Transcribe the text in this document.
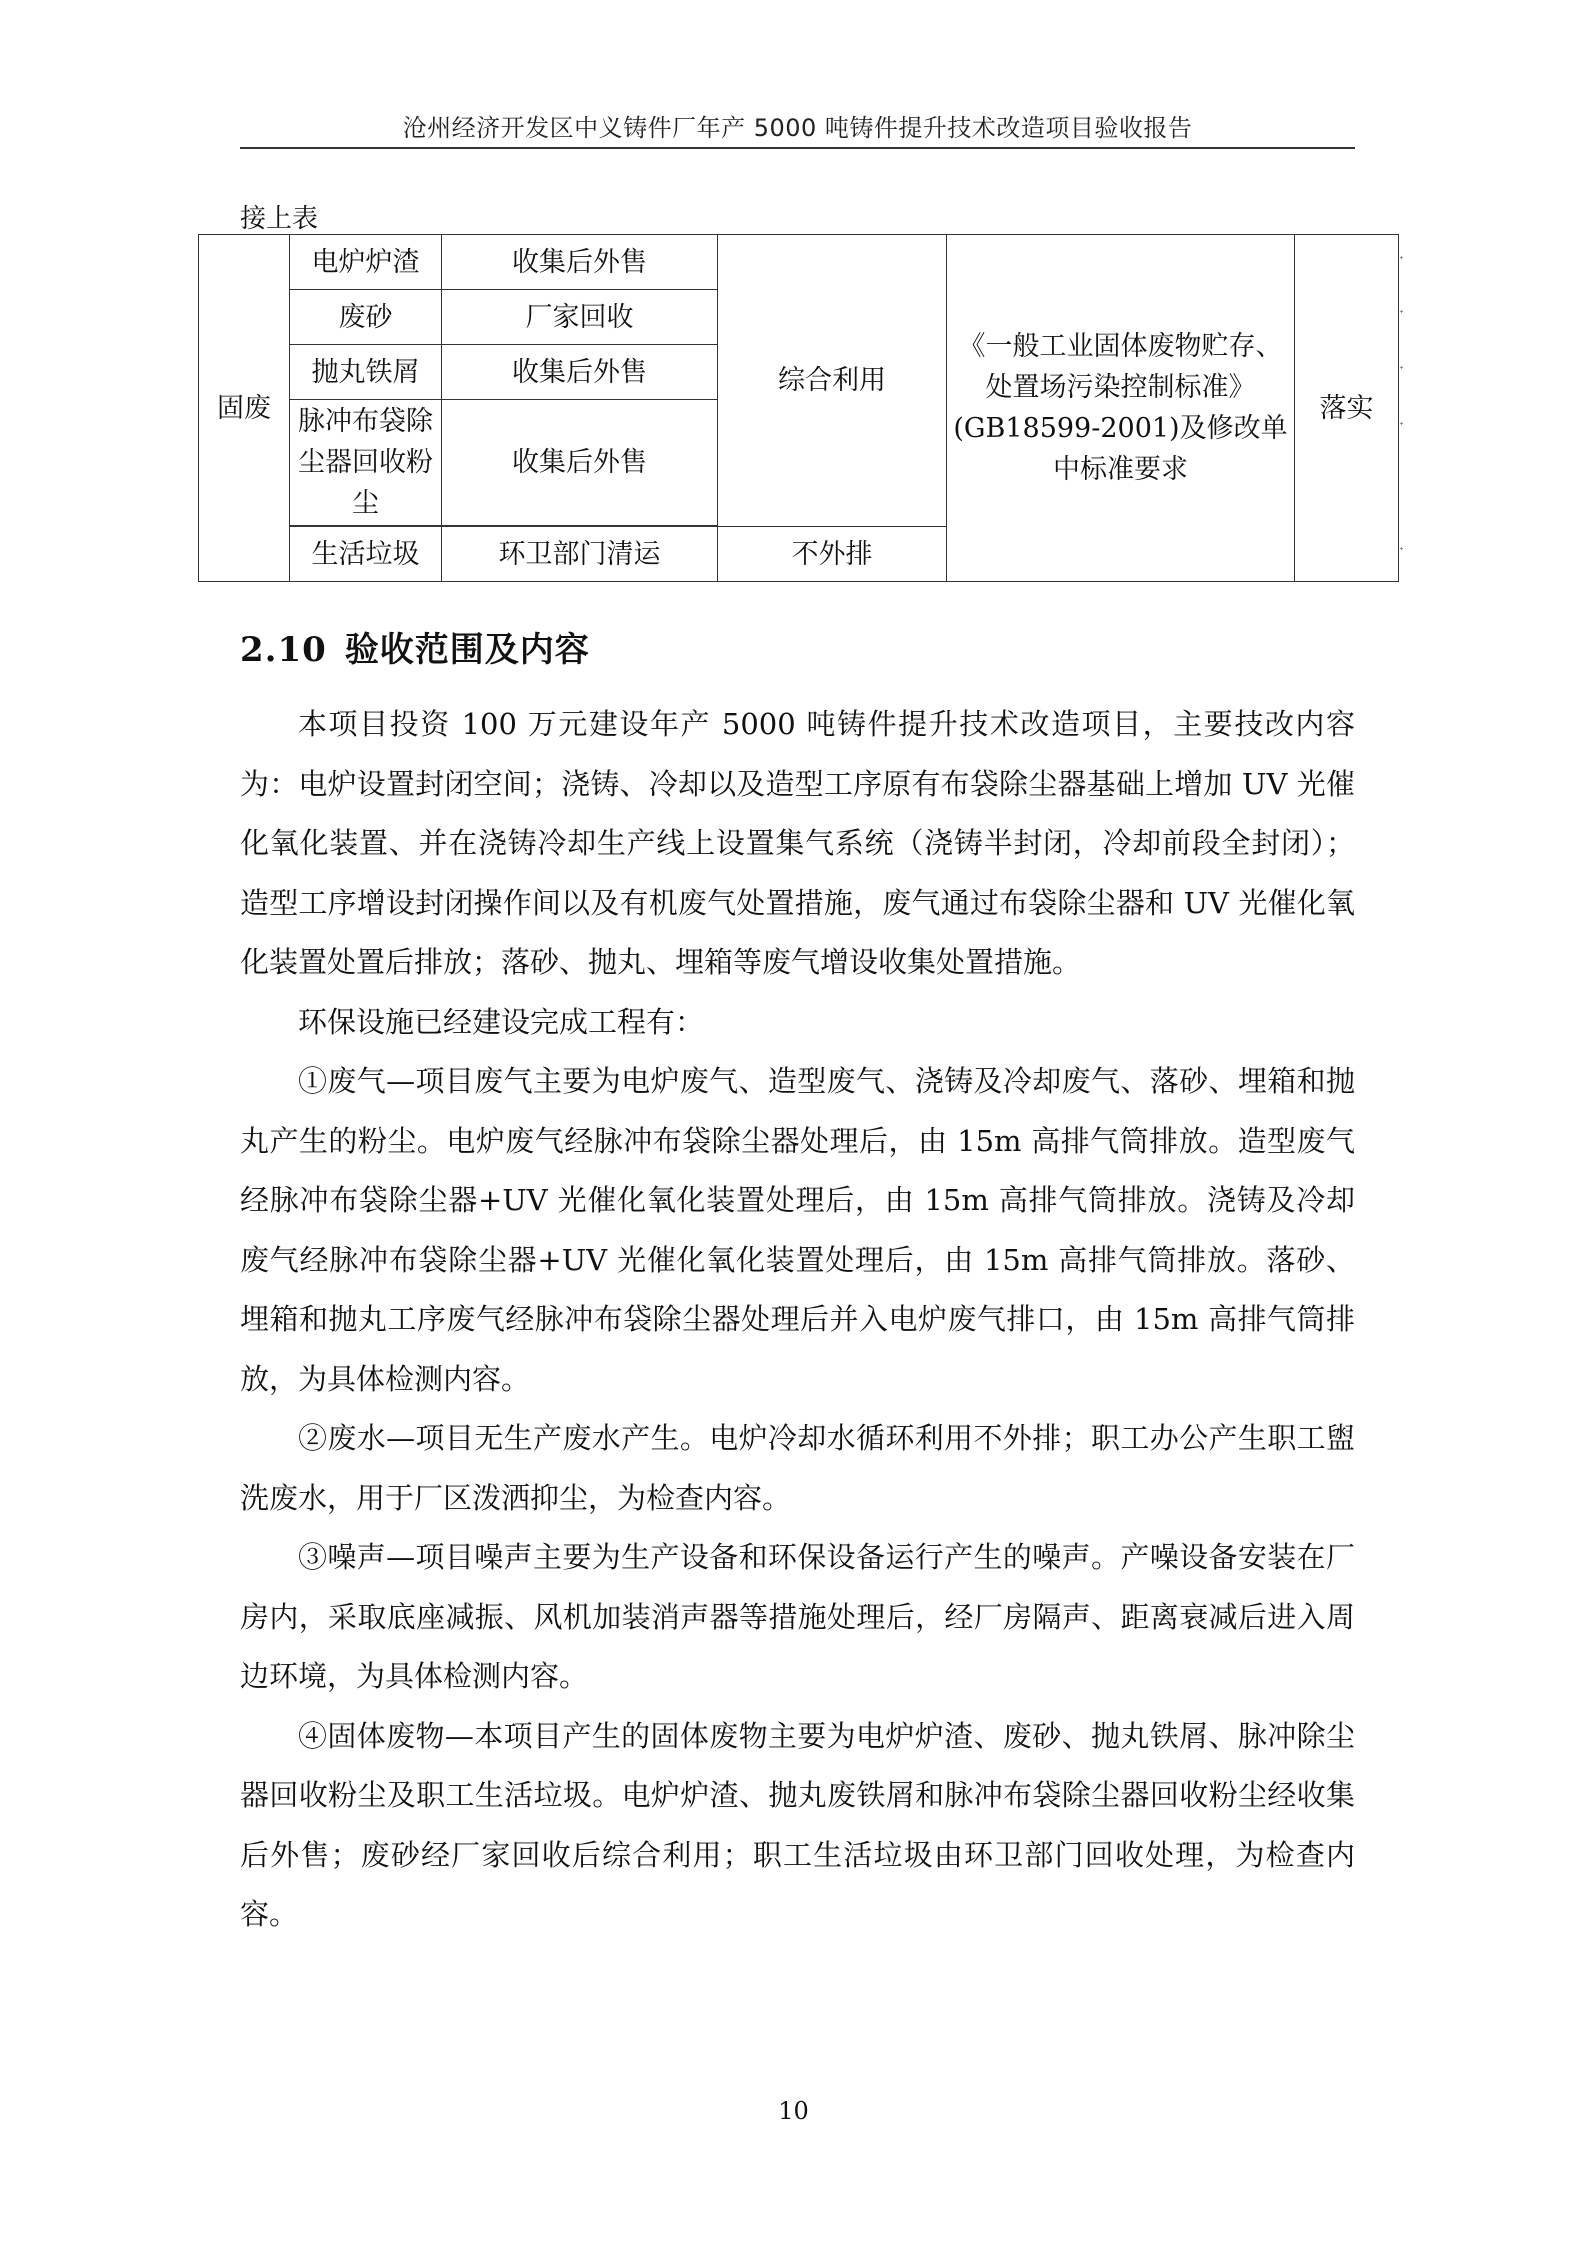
沧州经济开发区中义铸件厂年产 5000 吨铸件提升技术改造项目验收报告
接上表
固废	电炉炉渣	收集后外售	综合利用	《一般工业固体废物贮存、处置场污染控制标准》(GB18599-2001)及修改单中标准要求	落实
	废砂	厂家回收			
	抛丸铁屑	收集后外售			
	脉冲布袋除尘器回收粉尘	收集后外售			

	生活垃圾	环卫部门清运	不外排		
ᐩ
ᐩ
ᐩ
ᐩ
ᐩ
2.10 验收范围及内容

本项目投资 100 万元建设年产 5000 吨铸件提升技术改造项目，主要技改内容为：电炉设置封闭空间；浇铸、冷却以及造型工序原有布袋除尘器基础上增加 UV 光催化氧化装置、并在浇铸冷却生产线上设置集气系统（浇铸半封闭，冷却前段全封闭）；造型工序增设封闭操作间以及有机废气处置措施，废气通过布袋除尘器和 UV 光催化氧化装置处置后排放；落砂、抛丸、埋箱等废气增设收集处置措施。

环保设施已经建设完成工程有：

①废气—项目废气主要为电炉废气、造型废气、浇铸及冷却废气、落砂、埋箱和抛丸产生的粉尘。电炉废气经脉冲布袋除尘器处理后，由 15m 高排气筒排放。造型废气经脉冲布袋除尘器+UV 光催化氧化装置处理后，由 15m 高排气筒排放。浇铸及冷却废气经脉冲布袋除尘器+UV 光催化氧化装置处理后，由 15m 高排气筒排放。落砂、埋箱和抛丸工序废气经脉冲布袋除尘器处理后并入电炉废气排口，由 15m 高排气筒排放，为具体检测内容。

②废水—项目无生产废水产生。电炉冷却水循环利用不外排；职工办公产生职工盥洗废水，用于厂区泼洒抑尘，为检查内容。

③噪声—项目噪声主要为生产设备和环保设备运行产生的噪声。产噪设备安装在厂房内，采取底座减振、风机加装消声器等措施处理后，经厂房隔声、距离衰减后进入周边环境，为具体检测内容。

④固体废物—本项目产生的固体废物主要为电炉炉渣、废砂、抛丸铁屑、脉冲除尘器回收粉尘及职工生活垃圾。电炉炉渣、抛丸废铁屑和脉冲布袋除尘器回收粉尘经收集后外售；废砂经厂家回收后综合利用；职工生活垃圾由环卫部门回收处理，为检查内容。

10
